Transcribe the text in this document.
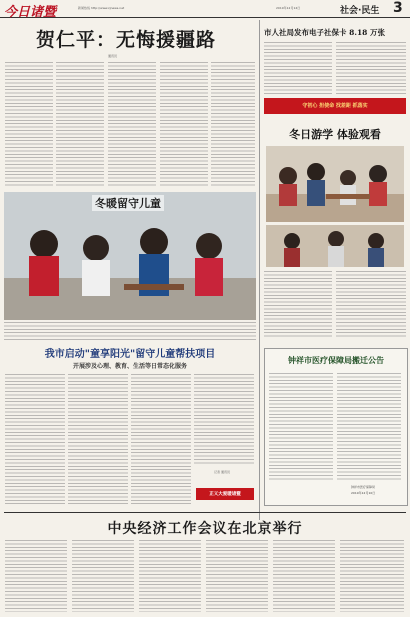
今日诸暨	新闻热线 http://www.zjnews.net	2019年12月14日	社会·民生 3
贺仁平：无悔援疆路
通讯员
市人社局发布电子社保卡 8.18 万张
守初心 担使命 找差距 抓落实
冬日游学 体验观看
冬暖留守儿童
我市启动"童享阳光"留守儿童帮扶项目
开展涉及心理、教育、生活等日常态化服务
记者 通讯员
正义大爱暖诸暨
钟祥市医疗保障局搬迁公告
钟祥市医疗保障局
2019年12月10日
中央经济工作会议在北京举行
